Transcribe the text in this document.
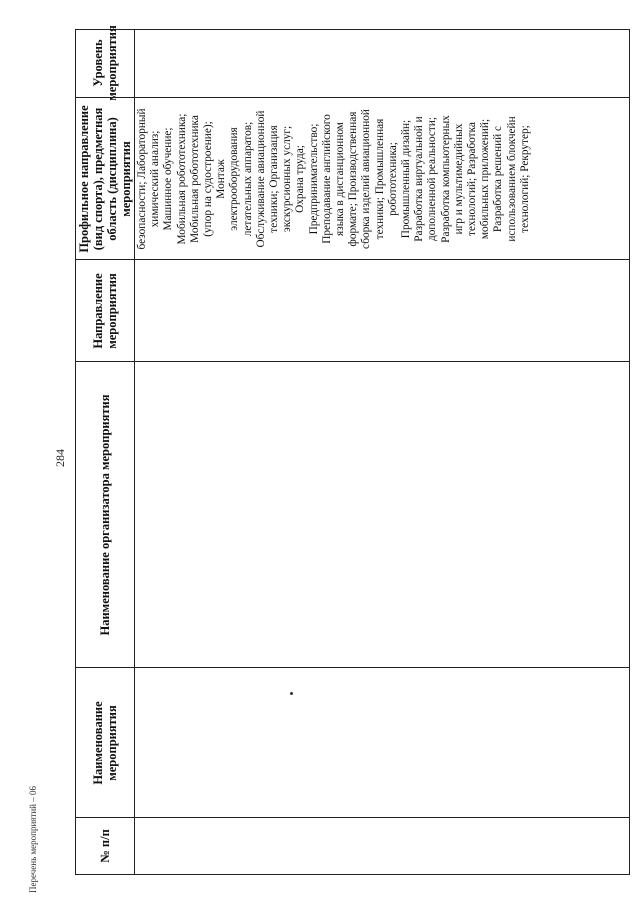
284
Перечень мероприятий – 06	№ п/п
Наименование мероприятия
Наименование организатора мероприятия
Направление мероприятия
Профильное направление (вид спорта), предметная область (дисциплина) мероприятия
Уровень мероприятия
безопасности; Лабораторный химический анализ; Машинное обучение; Мобильная робототехника; Мобильная робототехника (упор на судостроение); Монтаж электрооборудования летательных аппаратов; Обслуживание авиационной техники; Организация экскурсионных услуг; Охрана труда; Предпринимательство; Преподавание английского языка в дистанционном формате; Производственная сборка изделий авиационной техники; Промышленная робототехника; Промышленный дизайн; Разработка виртуальной и дополненной реальности; Разработка компьютерных игр и мультимедийных технологий; Разработка мобильных приложений; Разработка решений с использованием блокчейн технологий; Рекрутер;
